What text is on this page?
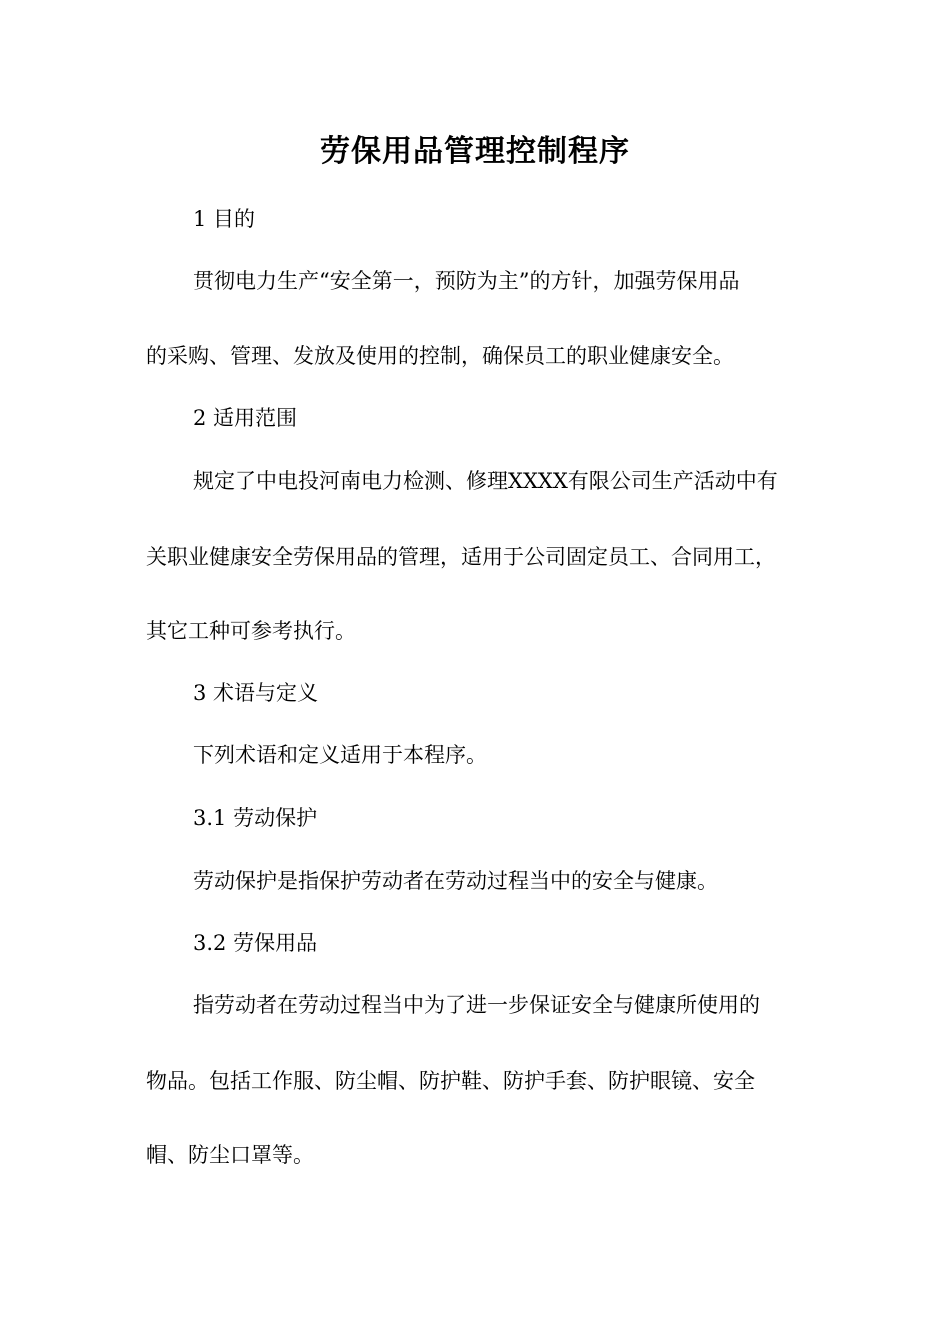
劳保用品管理控制程序

1 目的

贯彻电力生产“安全第一，预防为主”的方针，加强劳保用品

的采购、管理、发放及使用的控制，确保员工的职业健康安全。

2 适用范围

规定了中电投河南电力检测、修理XXXX有限公司生产活动中有

关职业健康安全劳保用品的管理，适用于公司固定员工、合同用工，

其它工种可参考执行。

3 术语与定义

下列术语和定义适用于本程序。

3.1 劳动保护

劳动保护是指保护劳动者在劳动过程当中的安全与健康。

3.2 劳保用品

指劳动者在劳动过程当中为了进一步保证安全与健康所使用的

物品。包括工作服、防尘帽、防护鞋、防护手套、防护眼镜、安全

帽、防尘口罩等。
